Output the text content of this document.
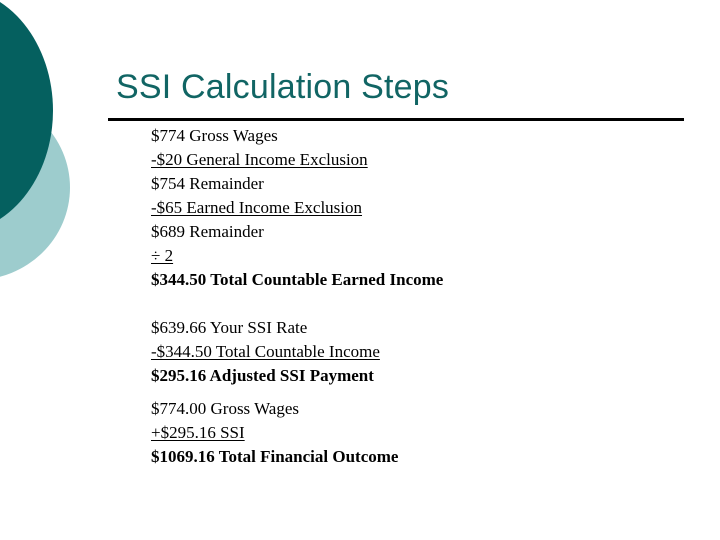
SSI Calculation Steps
$774 Gross Wages
-$20 General Income Exclusion
$754 Remainder
-$65 Earned Income Exclusion
$689 Remainder
÷ 2
$344.50 Total Countable Earned Income
$639.66 Your SSI Rate
-$344.50 Total Countable Income
$295.16 Adjusted SSI Payment
$774.00 Gross Wages
+$295.16 SSI
$1069.16 Total Financial Outcome
